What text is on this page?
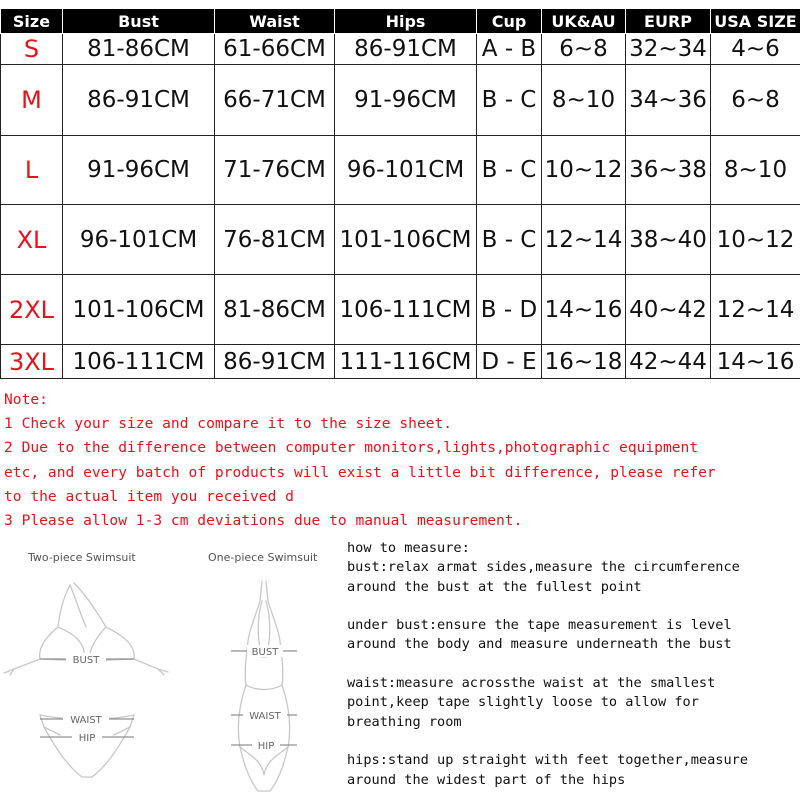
Size	Bust	Waist	Hips	Cup	UK&AU	EURP	USA SIZE
S	81-86CM	61-66CM	86-91CM	A - B	6~8	32~34	4~6
M	86-91CM	66-71CM	91-96CM	B - C	8~10	34~36	6~8
L	91-96CM	71-76CM	96-101CM	B - C	10~12	36~38	8~10
XL	96-101CM	76-81CM	101-106CM	B - C	12~14	38~40	10~12
2XL	101-106CM	81-86CM	106-111CM	B - D	14~16	40~42	12~14
3XL	106-111CM	86-91CM	111-116CM	D - E	16~18	42~44	14~16
Note:
1 Check your size and compare it to the size sheet.
2 Due to the difference between computer monitors,lights,photographic equipment
etc, and every batch of products will exist a little bit difference, please refer
to the actual item you received d
3 Please allow 1-3 cm deviations due to manual measurement.
Two-piece Swimsuit	One-piece Swimsuit
BUST
WAIST
HIP
BUST
WAIST
HIP
how to measure:
bust:relax armat sides,measure the circumference
around the bust at the fullest point
under bust:ensure the tape measurement is level
around the body and measure underneath the bust
waist:measure acrossthe waist at the smallest
point,keep tape slightly loose to allow for
breathing room
hips:stand up straight with feet together,measure
around the widest part of the hips
